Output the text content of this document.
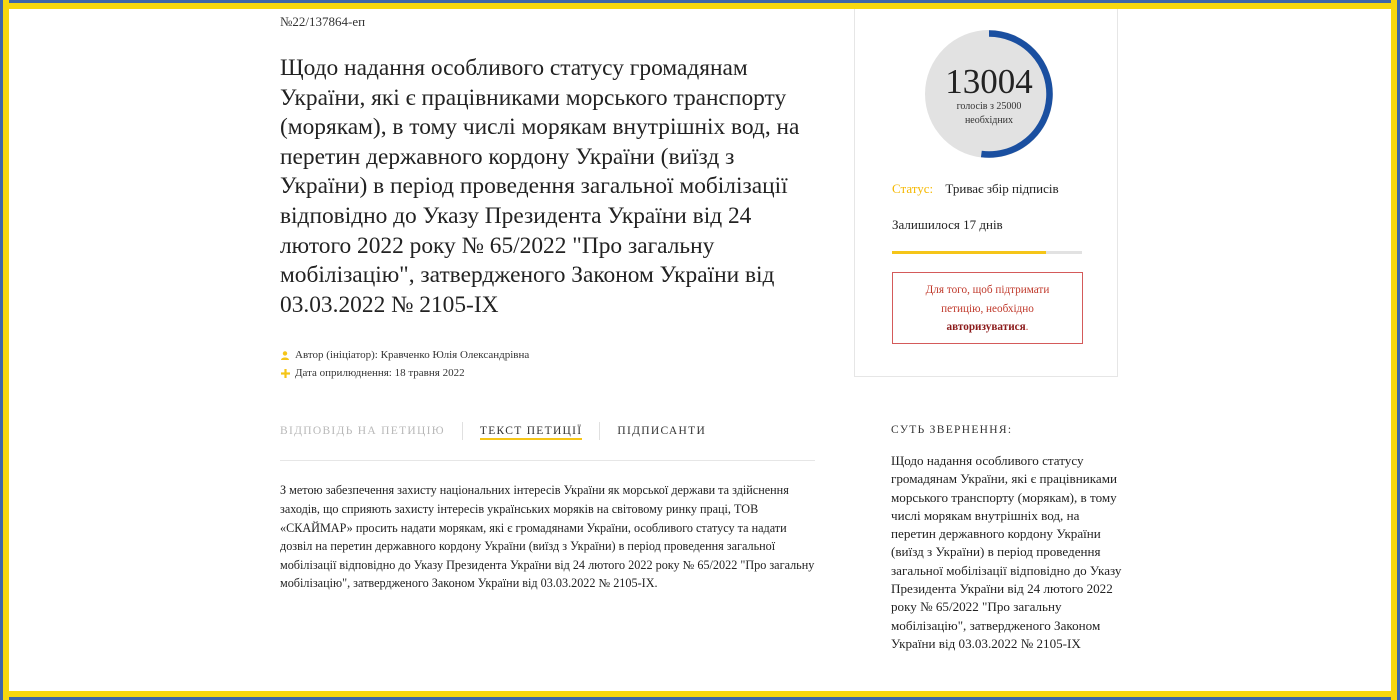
№22/137864-еп
Щодо надання особливого статусу громадянам України, які є працівниками морського транспорту (морякам), в тому числі морякам внутрішніх вод, на перетин державного кордону України (виїзд з України) в період проведення загальної мобілізації відповідно до Указу Президента України від 24 лютого 2022 року № 65/2022 "Про загальну мобілізацію", затвердженого Законом України від 03.03.2022 № 2105-IX
Автор (ініціатор): Кравченко Юлія Олександрівна
Дата оприлюднення: 18 травня 2022
ВІДПОВІДЬ НА ПЕТИЦІЮ	ТЕКСТ ПЕТИЦІЇ	ПІДПИСАНТИ
З метою забезпечення захисту національних інтересів України як морської держави та здійснення заходів, що сприяють захисту інтересів українських моряків на світовому ринку праці, ТОВ «СКАЙМАР» просить надати морякам, які є громадянами України, особливого статусу та надати дозвіл на перетин державного кордону України (виїзд з України) в період проведення загальної мобілізації відповідно до Указу Президента України від 24 лютого 2022 року № 65/2022 "Про загальну мобілізацію", затвердженого Законом України від 03.03.2022 № 2105-IX.
13004
голосів з 25000
необхідних
Статус: Триває збір підписів
Залишилося 17 днів
Для того, щоб підтримати
петицію, необхідно
авторизуватися.
СУТЬ ЗВЕРНЕННЯ:
Щодо надання особливого статусу громадянам України, які є працівниками морського транспорту (морякам), в тому числі морякам внутрішніх вод, на перетин державного кордону України (виїзд з України) в період проведення загальної мобілізації відповідно до Указу Президента України від 24 лютого 2022 року № 65/2022 "Про загальну мобілізацію", затвердженого Законом України від 03.03.2022 № 2105-IX
